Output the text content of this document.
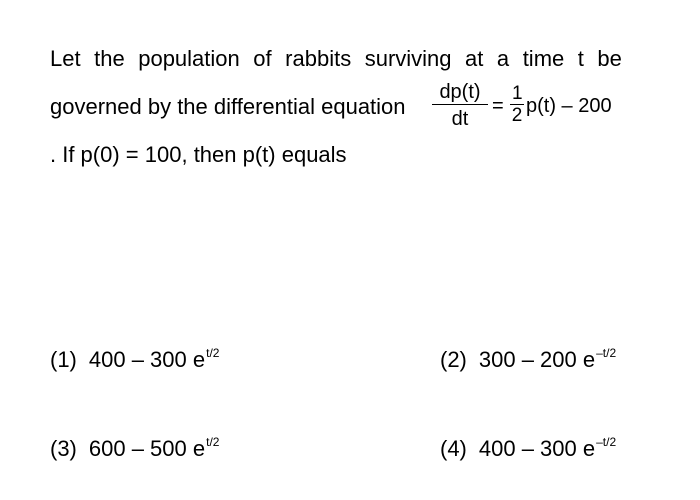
Let the population of rabbits surviving at a time t be
governed by the differential equation
dp(t)
dt
=
1
2 p(t) – 200
. If p(0) = 100, then p(t) equals
(1) 400 – 300 $e^{t/2}$	(2) 300 – 200 $e^{-t/2}$
(3) 600 – 500 $e^{t/2}$	(4) 400 – 300 $e^{-t/2}$
